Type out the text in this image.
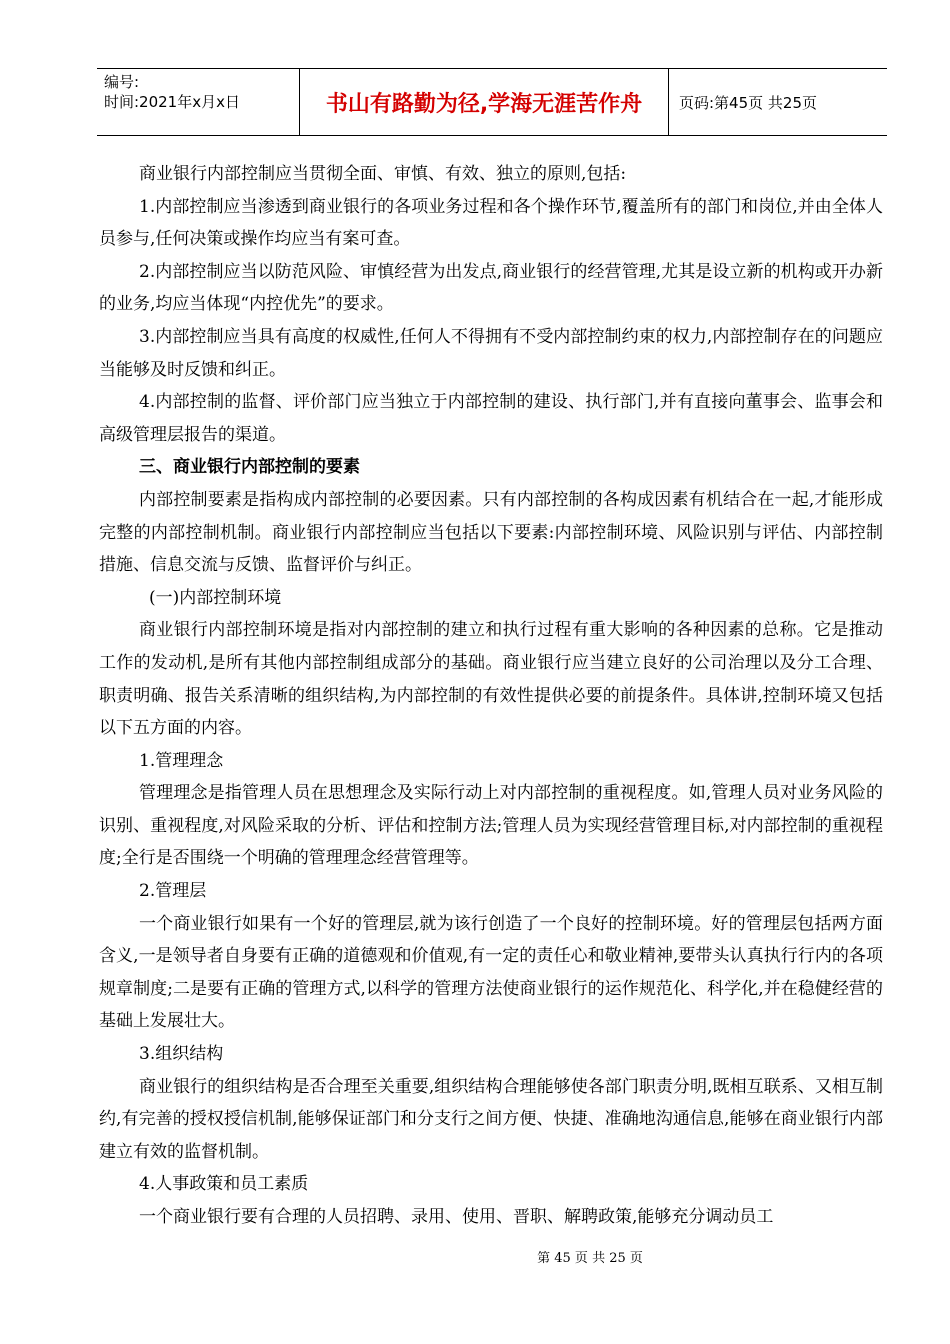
编号:
时间:2021年x月x日	书山有路勤为径,学海无涯苦作舟	页码:第45页 共25页

商业银行内部控制应当贯彻全面、审慎、有效、独立的原则,包括:

1.内部控制应当渗透到商业银行的各项业务过程和各个操作环节,覆盖所有的部门和岗位,并由全体人员参与,任何决策或操作均应当有案可查。

2.内部控制应当以防范风险、审慎经营为出发点,商业银行的经营管理,尤其是设立新的机构或开办新的业务,均应当体现“内控优先”的要求。

3.内部控制应当具有高度的权威性,任何人不得拥有不受内部控制约束的权力,内部控制存在的问题应当能够及时反馈和纠正。

4.内部控制的监督、评价部门应当独立于内部控制的建设、执行部门,并有直接向董事会、监事会和高级管理层报告的渠道。

三、商业银行内部控制的要素

内部控制要素是指构成内部控制的必要因素。只有内部控制的各构成因素有机结合在一起,才能形成完整的内部控制机制。商业银行内部控制应当包括以下要素:内部控制环境、风险识别与评估、内部控制措施、信息交流与反馈、监督评价与纠正。

(一)内部控制环境

商业银行内部控制环境是指对内部控制的建立和执行过程有重大影响的各种因素的总称。它是推动工作的发动机,是所有其他内部控制组成部分的基础。商业银行应当建立良好的公司治理以及分工合理、职责明确、报告关系清晰的组织结构,为内部控制的有效性提供必要的前提条件。具体讲,控制环境又包括以下五方面的内容。

1.管理理念

管理理念是指管理人员在思想理念及实际行动上对内部控制的重视程度。如,管理人员对业务风险的识别、重视程度,对风险采取的分析、评估和控制方法;管理人员为实现经营管理目标,对内部控制的重视程度;全行是否围绕一个明确的管理理念经营管理等。

2.管理层

一个商业银行如果有一个好的管理层,就为该行创造了一个良好的控制环境。好的管理层包括两方面含义,一是领导者自身要有正确的道德观和价值观,有一定的责任心和敬业精神,要带头认真执行行内的各项规章制度;二是要有正确的管理方式,以科学的管理方法使商业银行的运作规范化、科学化,并在稳健经营的基础上发展壮大。

3.组织结构

商业银行的组织结构是否合理至关重要,组织结构合理能够使各部门职责分明,既相互联系、又相互制约,有完善的授权授信机制,能够保证部门和分支行之间方便、快捷、准确地沟通信息,能够在商业银行内部建立有效的监督机制。

4.人事政策和员工素质

一个商业银行要有合理的人员招聘、录用、使用、晋职、解聘政策,能够充分调动员工

第 45 页 共 25 页
